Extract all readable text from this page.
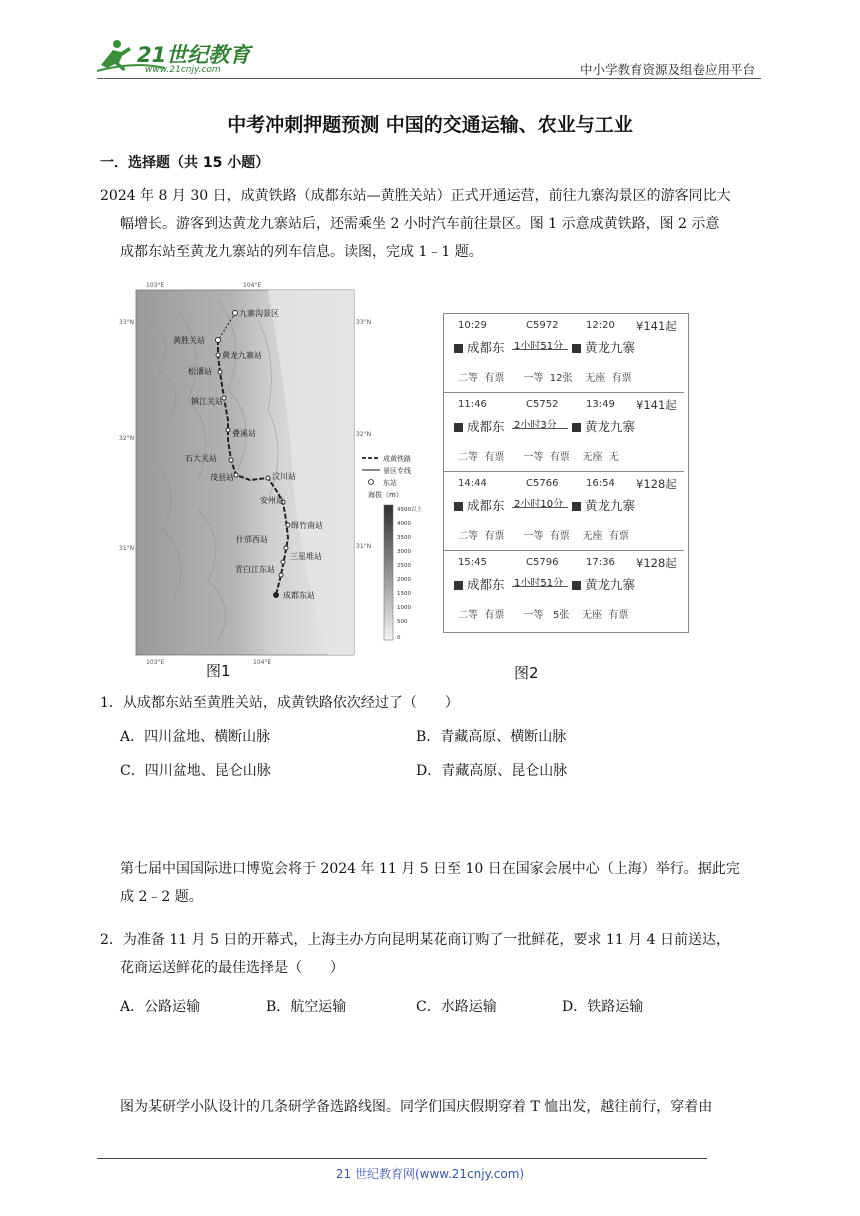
21世纪教育
www.21cnjy.com	中小学教育资源及组卷应用平台
中考冲刺押题预测 中国的交通运输、农业与工业
一．选择题（共 15 小题）
2024 年 8 月 30 日，成黄铁路（成都东站—黄胜关站）正式开通运营，前往九寨沟景区的游客同比大
幅增长。游客到达黄龙九寨站后，还需乘坐 2 小时汽车前往景区。图 1 示意成黄铁路，图 2 示意
成都东站至黄龙九寨站的列车信息。读图，完成 1﹣1 题。
103°E	104°E
103°E	104°E
33°N
32°N
31°N
33°N
32°N
31°N
九寨沟景区
黄胜关站
黄龙九寨站
松潘站
镇江关站
叠溪站
石大关站
茂县站	汶川站
安州站
绵竹南站
什邡西站
三星堆站
青白江东站
成都东站
成黄铁路
景区专线
东站
海拔（m）
4500以上
4000
3500
3000
2500
2000
1500
1000
500
0
图1
10:29	C5972	12:20 ¥141起
成都东 1小时51分	黄龙九寨
二等  有票      一等  12张    无座  有票
11:46	C5752	13:49 ¥141起
成都东 2小时3分	黄龙九寨
二等  有票      一等  有票    无座  无
14:44	C5766	16:54 ¥128起
成都东 2小时10分	黄龙九寨
二等  有票      一等  有票    无座  有票
15:45	C5796	17:36 ¥128起
成都东 1小时51分	黄龙九寨
二等  有票      一等   5张    无座  有票
图2
1．从成都东站至黄胜关站，成黄铁路依次经过了（　　）
A．四川盆地、横断山脉	B．青藏高原、横断山脉
C．四川盆地、昆仑山脉	D．青藏高原、昆仑山脉
第七届中国国际进口博览会将于 2024 年 11 月 5 日至 10 日在国家会展中心（上海）举行。据此完
成 2﹣2 题。
2．为准备 11 月 5 日的开幕式，上海主办方向昆明某花商订购了一批鲜花，要求 11 月 4 日前送达，
花商运送鲜花的最佳选择是（　　）
A．公路运输	B．航空运输	C．水路运输	D．铁路运输
图为某研学小队设计的几条研学备选路线图。同学们国庆假期穿着 T 恤出发，越往前行，穿着由
21 世纪教育网(www.21cnjy.com)
